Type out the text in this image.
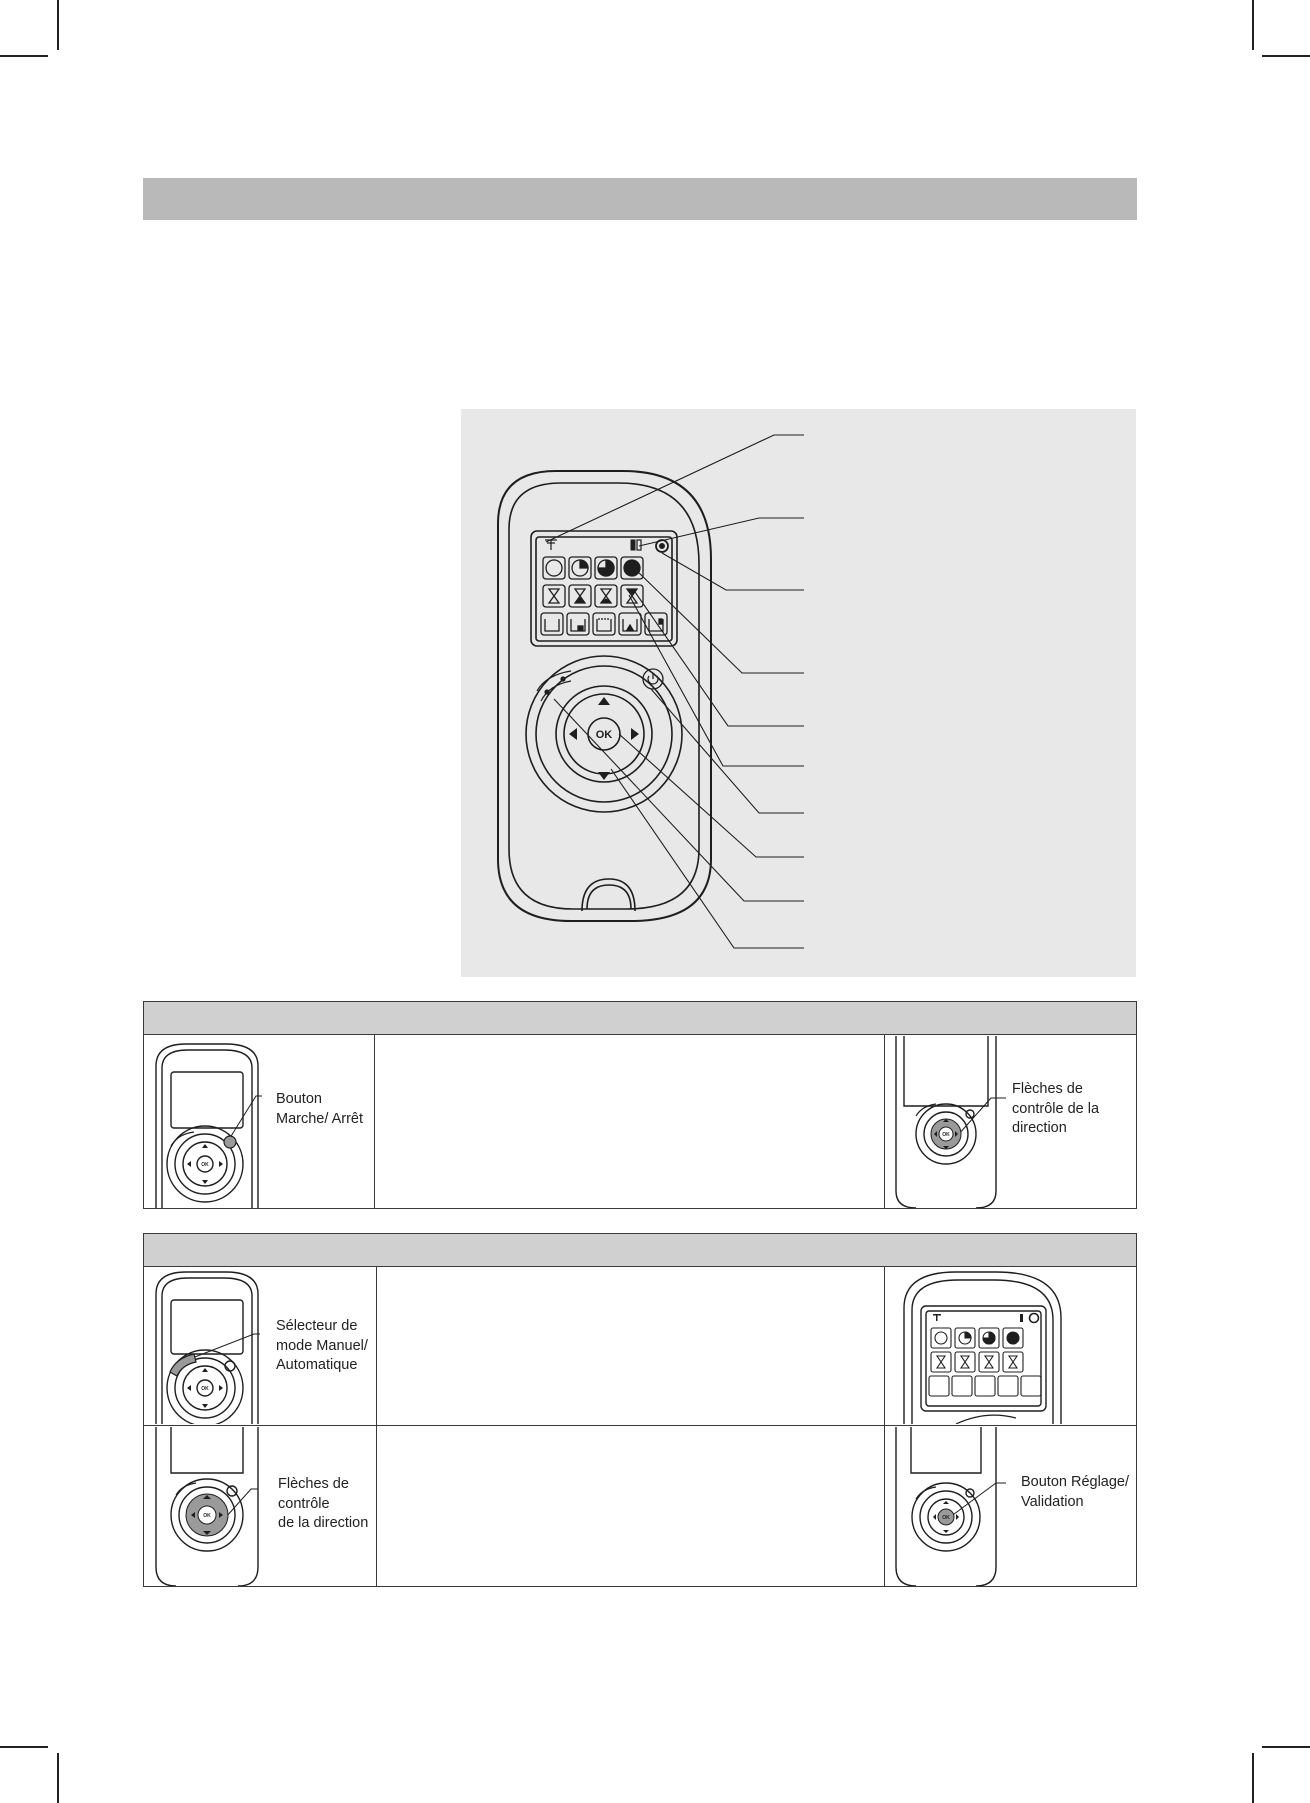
OK
OK
Bouton
Marche/ Arrêt
OK
Flèches de
contrôle de la
direction
OK
Sélecteur de
mode Manuel/
Automatique
OK
Flèches de
contrôle
de la direction	OK
Bouton Réglage/
Validation
